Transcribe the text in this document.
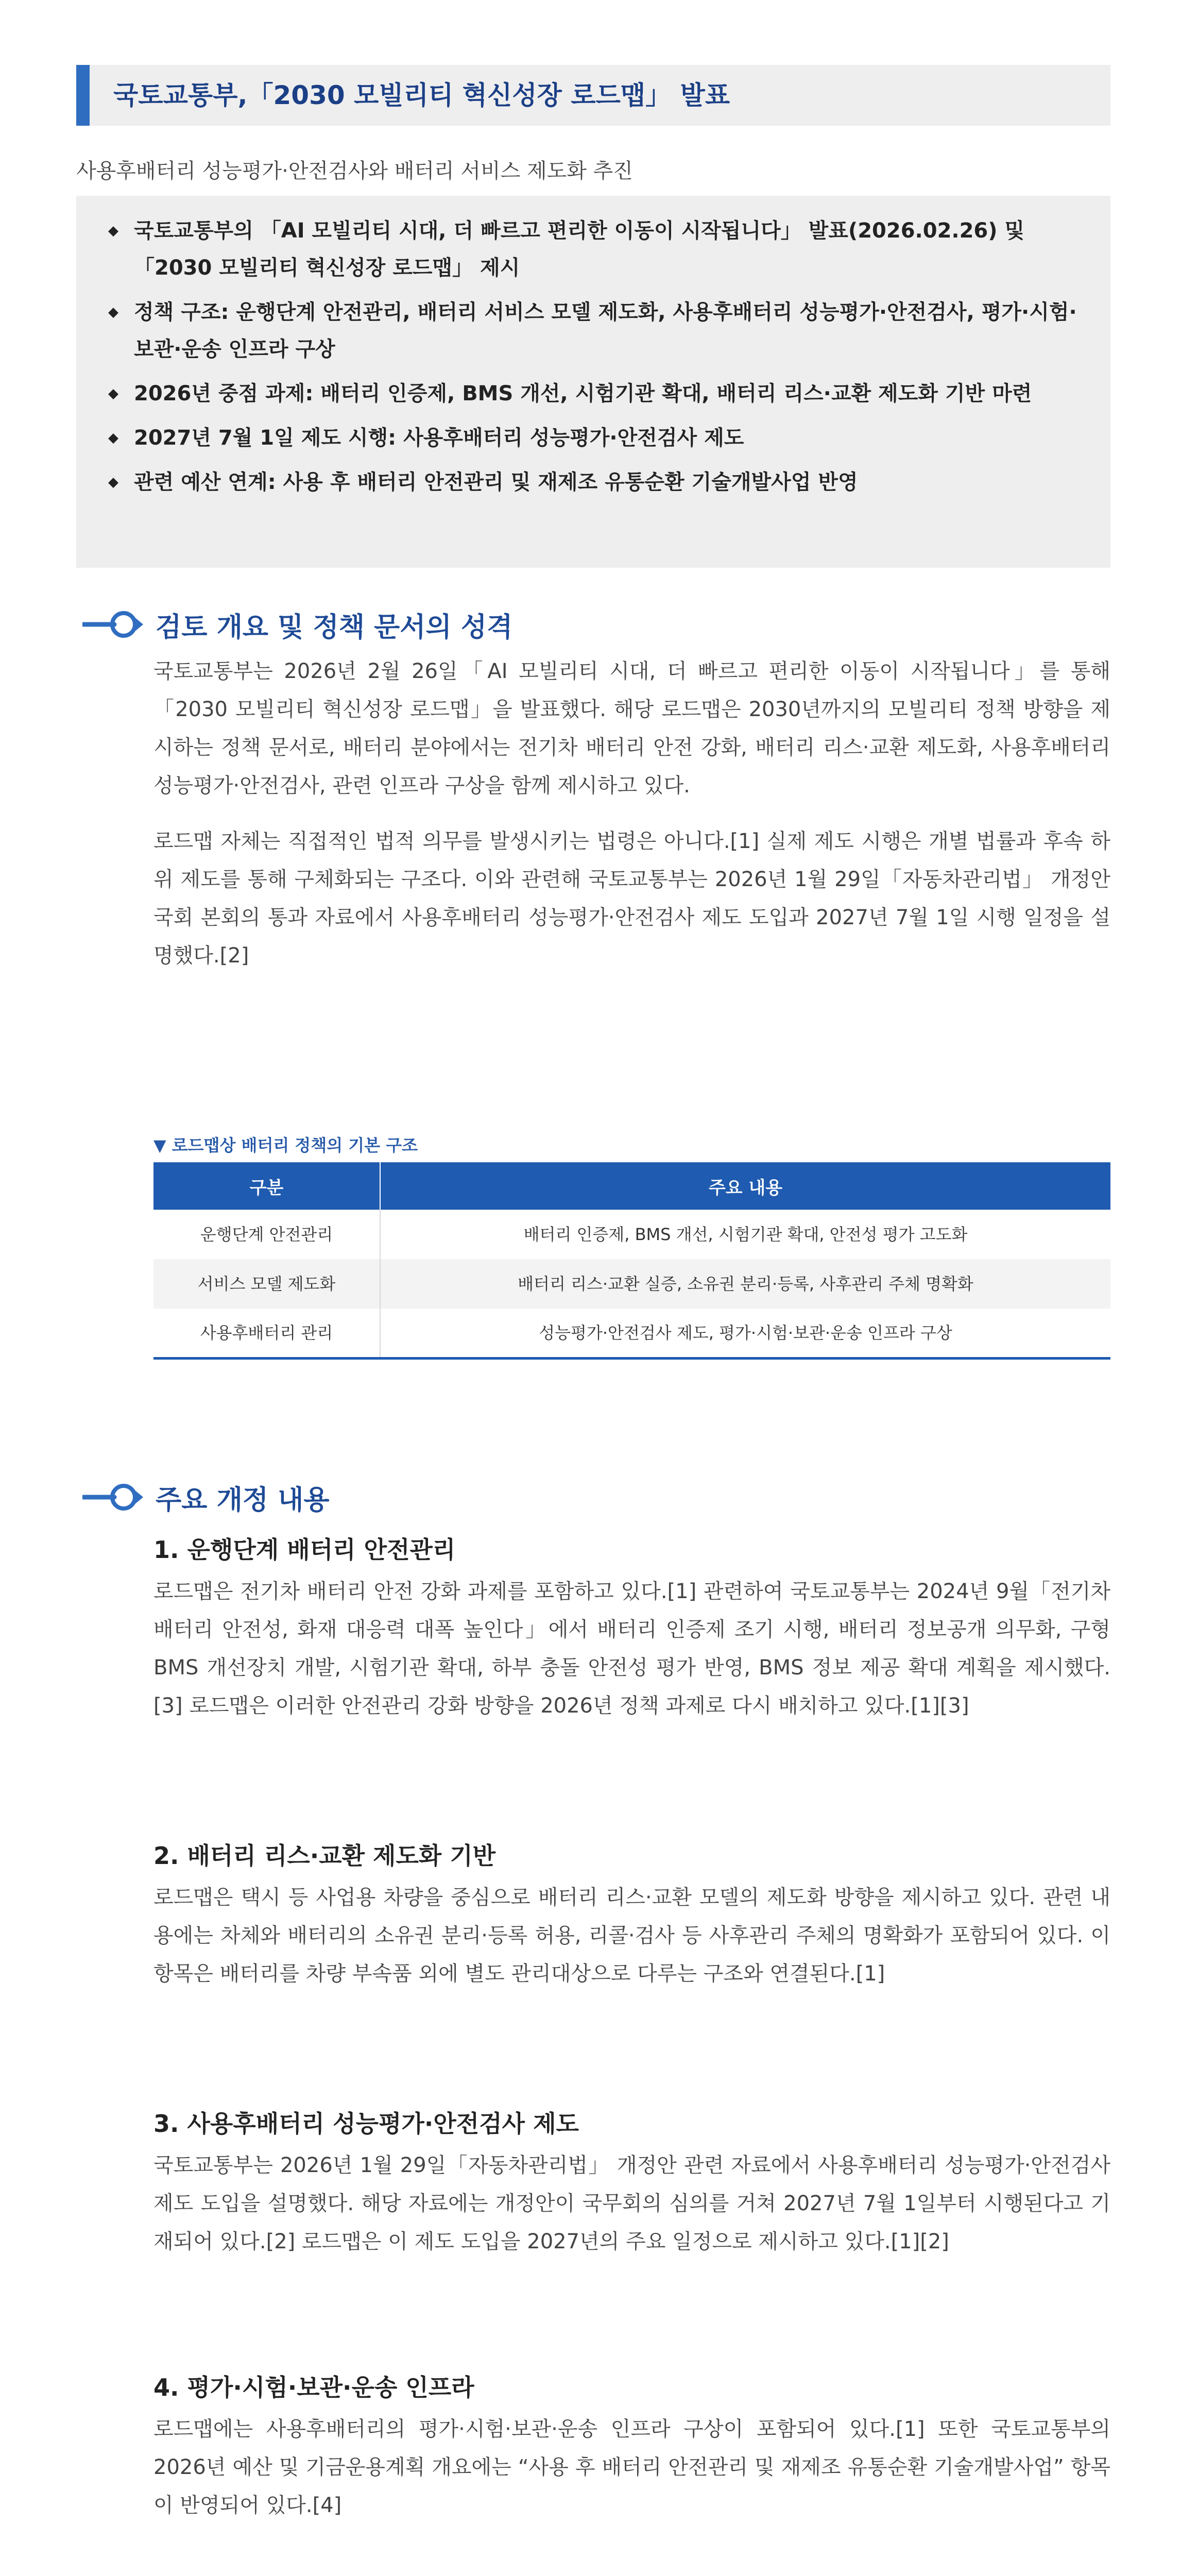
국토교통부,「2030 모빌리티 혁신성장 로드맵」 발표
사용후배터리 성능평가·안전검사와 배터리 서비스 제도화 추진
◆ 국토교통부의 「AI 모빌리티 시대, 더 빠르고 편리한 이동이 시작됩니다」 발표(2026.02.26) 및 「2030 모빌리티 혁신성장 로드맵」 제시
◆ 정책 구조: 운행단계 안전관리, 배터리 서비스 모델 제도화, 사용후배터리 성능평가·안전검사, 평가·시험·보관·운송 인프라 구상
◆ 2026년 중점 과제: 배터리 인증제, BMS 개선, 시험기관 확대, 배터리 리스·교환 제도화 기반 마련
◆ 2027년 7월 1일 제도 시행: 사용후배터리 성능평가·안전검사 제도
◆ 관련 예산 연계: 사용 후 배터리 안전관리 및 재제조 유통순환 기술개발사업 반영
검토 개요 및 정책 문서의 성격

국토교통부는 2026년 2월 26일「AI 모빌리티 시대, 더 빠르고 편리한 이동이 시작됩니다」를 통해「2030 모빌리티 혁신성장 로드맵」을 발표했다. 해당 로드맵은 2030년까지의 모빌리티 정책 방향을 제시하는 정책 문서로, 배터리 분야에서는 전기차 배터리 안전 강화, 배터리 리스·교환 제도화, 사용후배터리 성능평가·안전검사, 관련 인프라 구상을 함께 제시하고 있다.

로드맵 자체는 직접적인 법적 의무를 발생시키는 법령은 아니다.[1] 실제 제도 시행은 개별 법률과 후속 하위 제도를 통해 구체화되는 구조다. 이와 관련해 국토교통부는 2026년 1월 29일「자동차관리법」 개정안 국회 본회의 통과 자료에서 사용후배터리 성능평가·안전검사 제도 도입과 2027년 7월 1일 시행 일정을 설명했다.[2]

▼ 로드맵상 배터리 정책의 기본 구조
구분	주요 내용
운행단계 안전관리	배터리 인증제, BMS 개선, 시험기관 확대, 안전성 평가 고도화
서비스 모델 제도화	배터리 리스·교환 실증, 소유권 분리·등록, 사후관리 주체 명확화
사용후배터리 관리	성능평가·안전검사 제도, 평가·시험·보관·운송 인프라 구상
주요 개정 내용
1. 운행단계 배터리 안전관리

로드맵은 전기차 배터리 안전 강화 과제를 포함하고 있다.[1] 관련하여 국토교통부는 2024년 9월「전기차 배터리 안전성, 화재 대응력 대폭 높인다」에서 배터리 인증제 조기 시행, 배터리 정보공개 의무화, 구형 BMS 개선장치 개발, 시험기관 확대, 하부 충돌 안전성 평가 반영, BMS 정보 제공 확대 계획을 제시했다.[3] 로드맵은 이러한 안전관리 강화 방향을 2026년 정책 과제로 다시 배치하고 있다.[1][3]

2. 배터리 리스·교환 제도화 기반

로드맵은 택시 등 사업용 차량을 중심으로 배터리 리스·교환 모델의 제도화 방향을 제시하고 있다. 관련 내용에는 차체와 배터리의 소유권 분리·등록 허용, 리콜·검사 등 사후관리 주체의 명확화가 포함되어 있다. 이 항목은 배터리를 차량 부속품 외에 별도 관리대상으로 다루는 구조와 연결된다.[1]

3. 사용후배터리 성능평가·안전검사 제도

국토교통부는 2026년 1월 29일「자동차관리법」 개정안 관련 자료에서 사용후배터리 성능평가·안전검사 제도 도입을 설명했다. 해당 자료에는 개정안이 국무회의 심의를 거쳐 2027년 7월 1일부터 시행된다고 기재되어 있다.[2] 로드맵은 이 제도 도입을 2027년의 주요 일정으로 제시하고 있다.[1][2]

4. 평가·시험·보관·운송 인프라

로드맵에는 사용후배터리의 평가·시험·보관·운송 인프라 구상이 포함되어 있다.[1] 또한 국토교통부의 2026년 예산 및 기금운용계획 개요에는 “사용 후 배터리 안전관리 및 재제조 유통순환 기술개발사업” 항목이 반영되어 있다.[4]
